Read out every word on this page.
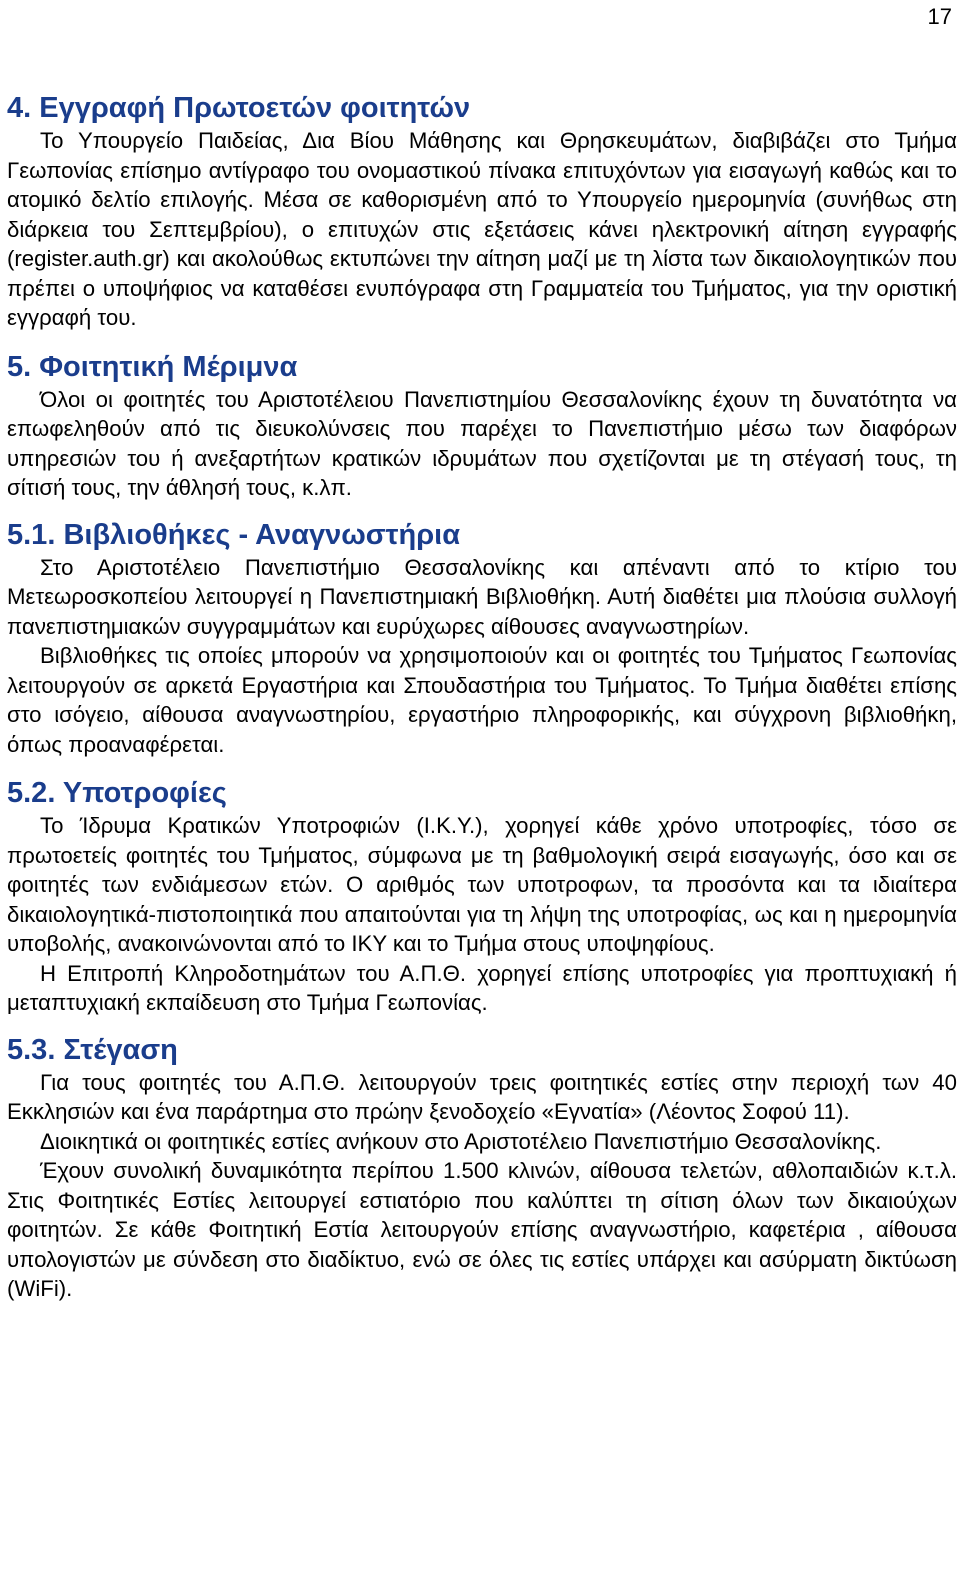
17
4. Εγγραφή Πρωτοετών φοιτητών

Το Υπουργείο Παιδείας, Δια Βίου Μάθησης και Θρησκευμάτων, διαβιβάζει στο Τμήμα Γεωπονίας επίσημο αντίγραφο του ονομαστικού πίνακα επιτυχόντων για εισαγωγή καθώς και το ατομικό δελτίο επιλογής. Μέσα σε καθορισμένη από το Υπουργείο ημερομηνία (συνήθως στη διάρκεια του Σεπτεμβρίου), ο επιτυχών στις εξετάσεις κάνει ηλεκτρονική αίτηση εγγραφής (register.auth.gr) και ακολούθως εκτυπώνει την αίτηση μαζί με τη λίστα των δικαιολογητικών που πρέπει ο υποψήφιος να καταθέσει ενυπόγραφα στη Γραμματεία του Τμήματος, για την οριστική εγγραφή του.

5. Φοιτητική Μέριμνα

Όλοι οι φοιτητές του Αριστοτέλειου Πανεπιστημίου Θεσσαλονίκης έχουν τη δυνατότητα να επωφεληθούν από τις διευκολύνσεις που παρέχει το Πανεπιστήμιο μέσω των διαφόρων υπηρεσιών του ή ανεξαρτήτων κρατικών ιδρυμάτων που σχετίζονται με τη στέγασή τους, τη σίτισή τους, την άθλησή τους, κ.λπ.

5.1. Βιβλιοθήκες - Αναγνωστήρια

Στο Αριστοτέλειο Πανεπιστήμιο Θεσσαλονίκης και απέναντι από το κτίριο του Μετεωροσκοπείου λειτουργεί η Πανεπιστημιακή Βιβλιοθήκη. Αυτή διαθέτει μια πλούσια συλλογή πανεπιστημιακών συγγραμμάτων και ευρύχωρες αίθουσες αναγνωστηρίων.

Βιβλιοθήκες τις οποίες μπορούν να χρησιμοποιούν και οι φοιτητές του Τμήματος Γεωπονίας λειτουργούν σε αρκετά Εργαστήρια και Σπουδαστήρια του Τμήματος. Το Τμήμα διαθέτει επίσης στο ισόγειο, αίθουσα αναγνωστηρίου, εργαστήριο πληροφορικής, και σύγχρονη βιβλιοθήκη, όπως προαναφέρεται.

5.2. Υποτροφίες

Το Ίδρυμα Κρατικών Υποτροφιών (Ι.Κ.Υ.), χορηγεί κάθε χρόνο υποτροφίες, τόσο σε πρωτοετείς φοιτητές του Τμήματος, σύμφωνα με τη βαθμολογική σειρά εισαγωγής, όσο και σε φοιτητές των ενδιάμεσων ετών. Ο αριθμός των υποτροφων, τα προσόντα και τα ιδιαίτερα δικαιολογητικά-πιστοποιητικά που απαιτούνται για τη λήψη της υποτροφίας, ως και η ημερομηνία υποβολής, ανακοινώνονται από το ΙΚΥ και το Τμήμα στους υποψηφίους.

Η Επιτροπή Κληροδοτημάτων του Α.Π.Θ. χορηγεί επίσης υποτροφίες για προπτυχιακή ή μεταπτυχιακή εκπαίδευση στο Τμήμα Γεωπονίας.

5.3. Στέγαση

Για τους φοιτητές του Α.Π.Θ. λειτουργούν τρεις φοιτητικές εστίες στην περιοχή των 40 Εκκλησιών και ένα παράρτημα στο πρώην ξενοδοχείο «Εγνατία» (Λέοντος Σοφού 11).

Διοικητικά οι φοιτητικές εστίες ανήκουν στο Αριστοτέλειο Πανεπιστήμιο Θεσσαλονίκης.

Έχουν συνολική δυναμικότητα περίπου 1.500 κλινών, αίθουσα τελετών, αθλοπαιδιών κ.τ.λ. Στις Φοιτητικές Εστίες λειτουργεί εστιατόριο που καλύπτει τη σίτιση όλων των δικαιούχων φοιτητών. Σε κάθε Φοιτητική Εστία λειτουργούν επίσης αναγνωστήριο, καφετέρια , αίθουσα υπολογιστών με σύνδεση στο διαδίκτυο, ενώ σε όλες τις εστίες υπάρχει και ασύρματη δικτύωση (WiFi).
